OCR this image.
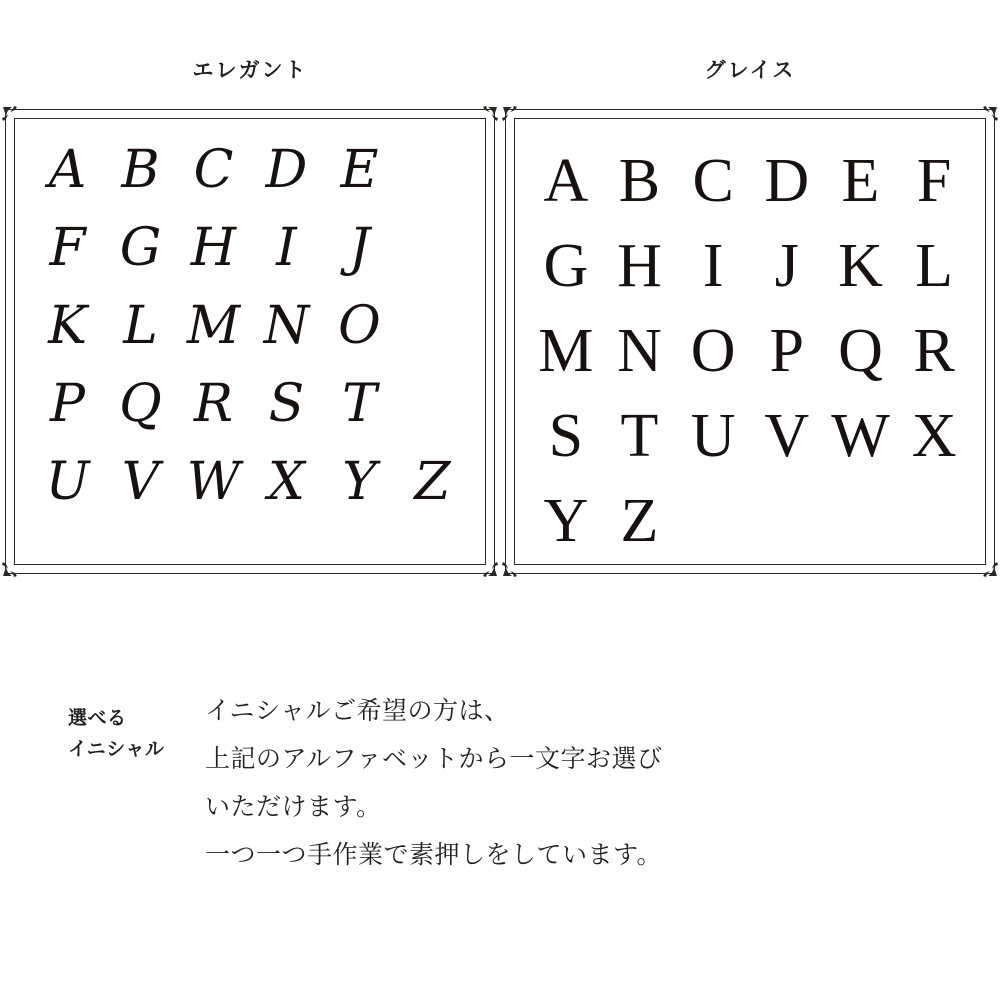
エレガント
A B C D E
F G H I	J
K L M N O
P Q R S T
U V W X Y Z
グレイス
A B C D E F
G H I J K L
M N O P Q R
S T U V W X
Y Z
選べる
イニシャル

イニシャルご希望の方は、

上記のアルファベットから一文字お選び

いただけます。

一つ一つ手作業で素押しをしています。
